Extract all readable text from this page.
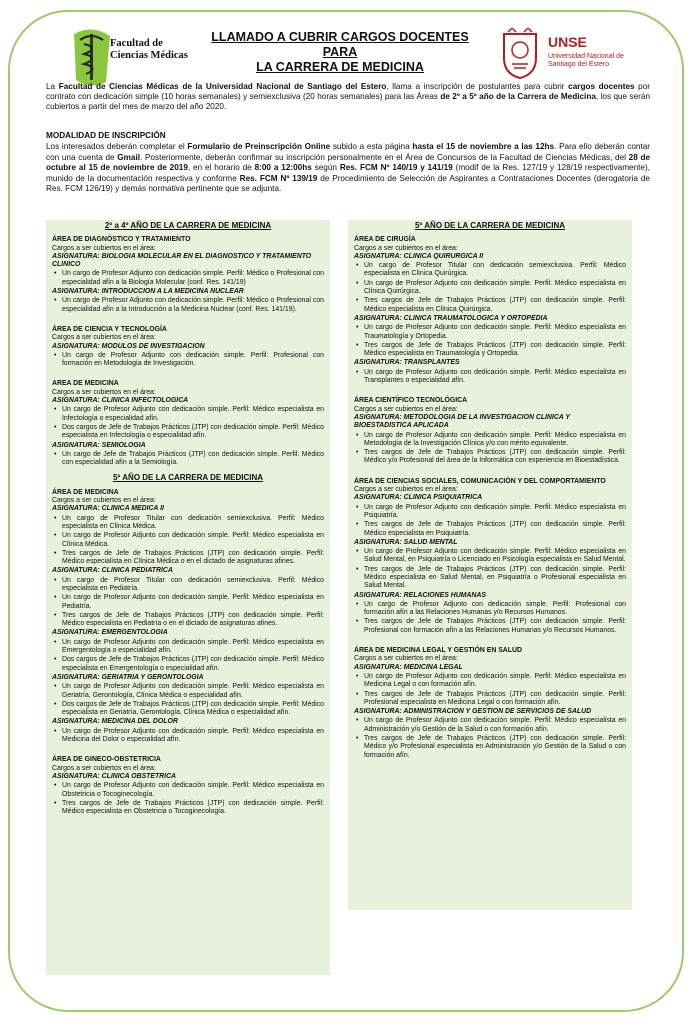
Facultad de
Ciencias Médicas
LLAMADO A CUBRIR CARGOS DOCENTES PARA
LA CARRERA DE MEDICINA
UNSE
Universidad Nacional de Santiago del Estero
La Facultad de Ciencias Médicas de la Universidad Nacional de Santiago del Estero, llama a inscripción de postulantes para cubrir cargos docentes por contrato con dedicación simple (10 horas semanales) y semiexclusiva (20 horas semanales) para las Áreas de 2º a 5º año de la Carrera de Medicina, los que serán cubiertos a partir del mes de marzo del año 2020.
MODALIDAD DE INSCRIPCIÓN
Los interesados deberán completar el Formulario de Preinscripción Online subido a esta página hasta el 15 de noviembre a las 12hs. Para ello deberán contar con una cuenta de Gmail. Posteriormente, deberán confirmar su inscripción personalmente en el Área de Concursos de la Facultad de Ciencias Médicas, del 28 de octubre al 15 de noviembre de 2019, en el horario de 8:00 a 12:00hs según Res. FCM Nº 140/19 y 141/19 (modif de la Res. 127/19 y 128/19 respectivamente), munido de la documentación respectiva y conforme Res. FCM Nº 139/19 de Procedimiento de Selección de Aspirantes a Contrataciones Docentes (derogatoria de Res. FCM 126/19) y demás normativa pertinente que se adjunta.
2º a 4º AÑO DE LA CARRERA DE MEDICINA
ÁREA DE DIAGNÓSTICO Y TRATAMIENTO
Cargos a ser cubiertos en el área:
ASIGNATURA: BIOLOGIA MOLECULAR EN EL DIAGNOSTICO Y TRATAMIENTO CLINICO
• Un cargo de Profesor Adjunto con dedicación simple. Perfil: Médico o Profesional con especialidad afín a la Biología Molecular (conf. Res. 141/19)
ASIGNATURA: INTRODUCCION A LA MEDICINA NUCLEAR
• Un cargo de Profesor Adjunto con dedicación simple. Perfil: Médico o Profesional con especialidad afín a la Introducción a la Medicina Nuclear (conf. Res. 141/19).
ÁREA DE CIENCIA Y TECNOLOGÍA
Cargos a ser cubiertos en el área:
ASIGNATURA: MODULOS DE INVESTIGACION
• Un cargo de Profesor Adjunto con dedicación simple. Perfil: Profesional con formación en Metodología de Investigación.
AREA DE MEDICINA
Cargos a ser cubiertos en el área:
ASIGNATURA: CLINICA INFECTOLOGICA
• Un cargo de Profesor Adjunto con dedicación simple. Perfil: Médico especialista en Infectología o especialidad afín.
• Dos cargos de Jefe de Trabajos Prácticos (JTP) con dedicación simple. Perfil: Médico especialista en Infectología o especialidad afín.
ASIGNATURA: SEMIOLOGIA
• Un cargo de Jefe de Trabajos Prácticos (JTP) con dedicación simple. Perfil: Médico con especialidad afín a la Semiología.
5º AÑO DE LA CARRERA DE MEDICINA
ÁREA DE MEDICINA
Cargos a ser cubiertos en el área:
ASIGNATURA: CLINICA MEDICA II
• Un cargo de Profesor Titular con dedicación semiexclusiva. Perfil: Médico especialista en Clínica Médica.
• Un cargo de Profesor Adjunto con dedicación simple. Perfil: Médico especialista en Clínica Médica.
• Tres cargos de Jefe de Trabajos Prácticos (JTP) con dedicación simple. Perfil: Médico especialista en Clínica Médica o en el dictado de asignaturas afines.
ASIGNATURA: CLINICA PEDIATRICA
• Un cargo de Profesor Titular con dedicación semiexclusiva. Perfil: Médico especialista en Pediatría.
• Un cargo de Profesor Adjunto con dedicación simple. Perfil: Médico especialista en Pediatría.
• Tres cargos de Jefe de Trabajos Prácticos (JTP) con dedicación simple. Perfil: Médico especialista en Pediatría o en el dictado de asignaturas afines.
ASIGNATURA: EMERGENTOLOGIA
• Un cargo de Profesor Adjunto con dedicación simple. Perfil: Médico especialista en Emergentología o especialidad afín.
• Dos cargos de Jefe de Trabajos Prácticos (JTP) con dedicación simple. Perfil: Médico especialista en Emergentología o especialidad afín.
ASIGNATURA: GERIATRIA Y GERONTOLOGIA
• Un cargo de Profesor Adjunto con dedicación simple. Perfil: Médico especialista en Geriatría, Gerontología, Clínica Médica o especialidad afín.
• Dos cargos de Jefe de Trabajos Prácticos (JTP) con dedicación simple. Perfil: Médico especialista en Geriatría, Gerontología, Clínica Médica o especialidad afín.
ASIGNATURA: MEDICINA DEL DOLOR
• Un cargo de Profesor Adjunto con dedicación simple. Perfil: Médico especialista en Medicina del Dolor o especialidad afín.
ÁREA DE GINECO-OBSTETRICIA
Cargos a ser cubiertos en el área:
ASIGNATURA: CLINICA OBSTETRICA
• Un cargo de Profesor Adjunto con dedicación simple. Perfil: Médico especialista en Obstetricia o Tocoginecología.
• Tres cargos de Jefe de Trabajos Prácticos (JTP) con dedicación simple. Perfil: Médico especialista en Obstetricia o Tocoginecología.
5º AÑO DE LA CARRERA DE MEDICINA
ÁREA DE CIRUGÍA
Cargos a ser cubiertos en el área:
ASIGNATURA: CLINICA QUIRURGICA II
• Un cargo de Profesor Titular con dedicación semiexclusiva. Perfil: Médico especialista en Clínica Quirúrgica.
• Un cargo de Profesor Adjunto con dedicación simple. Perfil: Médico especialista en Clínica Quirúrgica.
• Tres cargos de Jefe de Trabajos Prácticos (JTP) con dedicación simple. Perfil: Médico especialista en Clínica Quirúrgica.
ASIGNATURA: CLINICA TRAUMATOLOGICA Y ORTOPEDIA
• Un cargo de Profesor Adjunto con dedicación simple. Perfil: Médico especialista en Traumatología y Ortopedia.
• Tres cargos de Jefe de Trabajos Prácticos (JTP) con dedicación simple. Perfil: Médico especialista en Traumatología y Ortopedia.
ASIGNATURA: TRANSPLANTES
• Un cargo de Profesor Adjunto con dedicación simple. Perfil: Médico especialista en Transplantes o especialidad afín.
ÁREA CIENTÍFICO TECNOLÓGICA
Cargos a ser cubiertos en el área:
ASIGNATURA: METODOLOGIA DE LA INVESTIGACION CLINICA Y BIOESTADISTICA APLICADA
• Un cargo de Profesor Adjunto con dedicación simple. Perfil: Médico especialista en Metodología de la Investigación Clínica y/o con mérito equivalente.
• Tres cargos de Jefe de Trabajos Prácticos (JTP) con dedicación simple. Perfil: Médico y/o Profesional del área de la Informática con experiencia en Bioestadística.
ÁREA DE CIENCIAS SOCIALES, COMUNICACIÓN Y DEL COMPORTAMIENTO
Cargos a ser cubiertos en el área:
ASIGNATURA: CLINICA PSIQUIATRICA
• Un cargo de Profesor Adjunto con dedicación simple. Perfil: Médico especialista en Psiquiatría.
• Tres cargos de Jefe de Trabajos Prácticos (JTP) con dedicación simple. Perfil: Médico especialista en Psiquiatría.
ASIGNATURA: SALUD MENTAL
• Un cargo de Profesor Adjunto con dedicación simple. Perfil: Médico especialista en Salud Mental, en Psiquiatría o Licenciado en Psicología especialista en Salud Mental.
• Tres cargos de Jefe de Trabajos Prácticos (JTP) con dedicación simple. Perfil: Médico especialista en Salud Mental, en Psiquiatría o Profesional especialista en Salud Mental.
ASIGNATURA: RELACIONES HUMANAS
• Un cargo de Profesor Adjunto con dedicación simple. Perfil: Profesional con formación afín a las Relaciones Humanas y/o Recursos Humanos.
• Tres cargos de Jefe de Trabajos Prácticos (JTP) con dedicación simple. Perfil: Profesional con formación afín a las Relaciones Humanas y/o Recursos Humanos.
ÁREA DE MEDICINA LEGAL Y GESTIÓN EN SALUD
Cargos a ser cubiertos en el área:
ASIGNATURA: MEDICINA LEGAL
• Un cargo de Profesor Adjunto con dedicación simple. Perfil: Médico especialista en Medicina Legal o con formación afín.
• Tres cargos de Jefe de Trabajos Prácticos (JTP) con dedicación simple. Perfil: Profesional especialista en Medicina Legal o con formación afín.
ASIGNATURA: ADMINISTRACION Y GESTION DE SERVICIOS DE SALUD
• Un cargo de Profesor Adjunto con dedicación simple. Perfil: Médico especialista en Administración y/o Gestión de la Salud o con formación afín.
• Tres cargos de Jefe de Trabajos Prácticos (JTP) con dedicación simple. Perfil: Médico y/o Profesional especialista en Administración y/o Gestión de la Salud o con formación afín.
